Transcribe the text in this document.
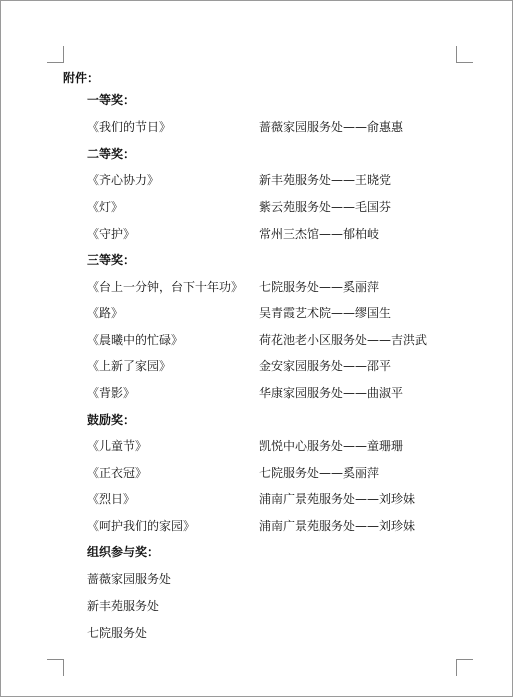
附件：
一等奖：
《我们的节日》	蔷薇家园服务处——俞惠惠
二等奖：
《齐心协力》	新丰苑服务处——王晓党
《灯》	紫云苑服务处——毛国芬
《守护》	常州三杰馆——郁柏岐
三等奖：
《台上一分钟，台下十年功》 七院服务处——奚丽萍
《路》	吴青霞艺术院——缪国生
《晨曦中的忙碌》	荷花池老小区服务处——吉洪武
《上新了家园》	金安家园服务处——邵平
《背影》	华康家园服务处——曲淑平
鼓励奖：
《儿童节》	凯悦中心服务处——童珊珊
《正衣冠》	七院服务处——奚丽萍
《烈日》	浦南广景苑服务处——刘珍妹
《呵护我们的家园》	浦南广景苑服务处——刘珍妹
组织参与奖：
蔷薇家园服务处
新丰苑服务处
七院服务处
